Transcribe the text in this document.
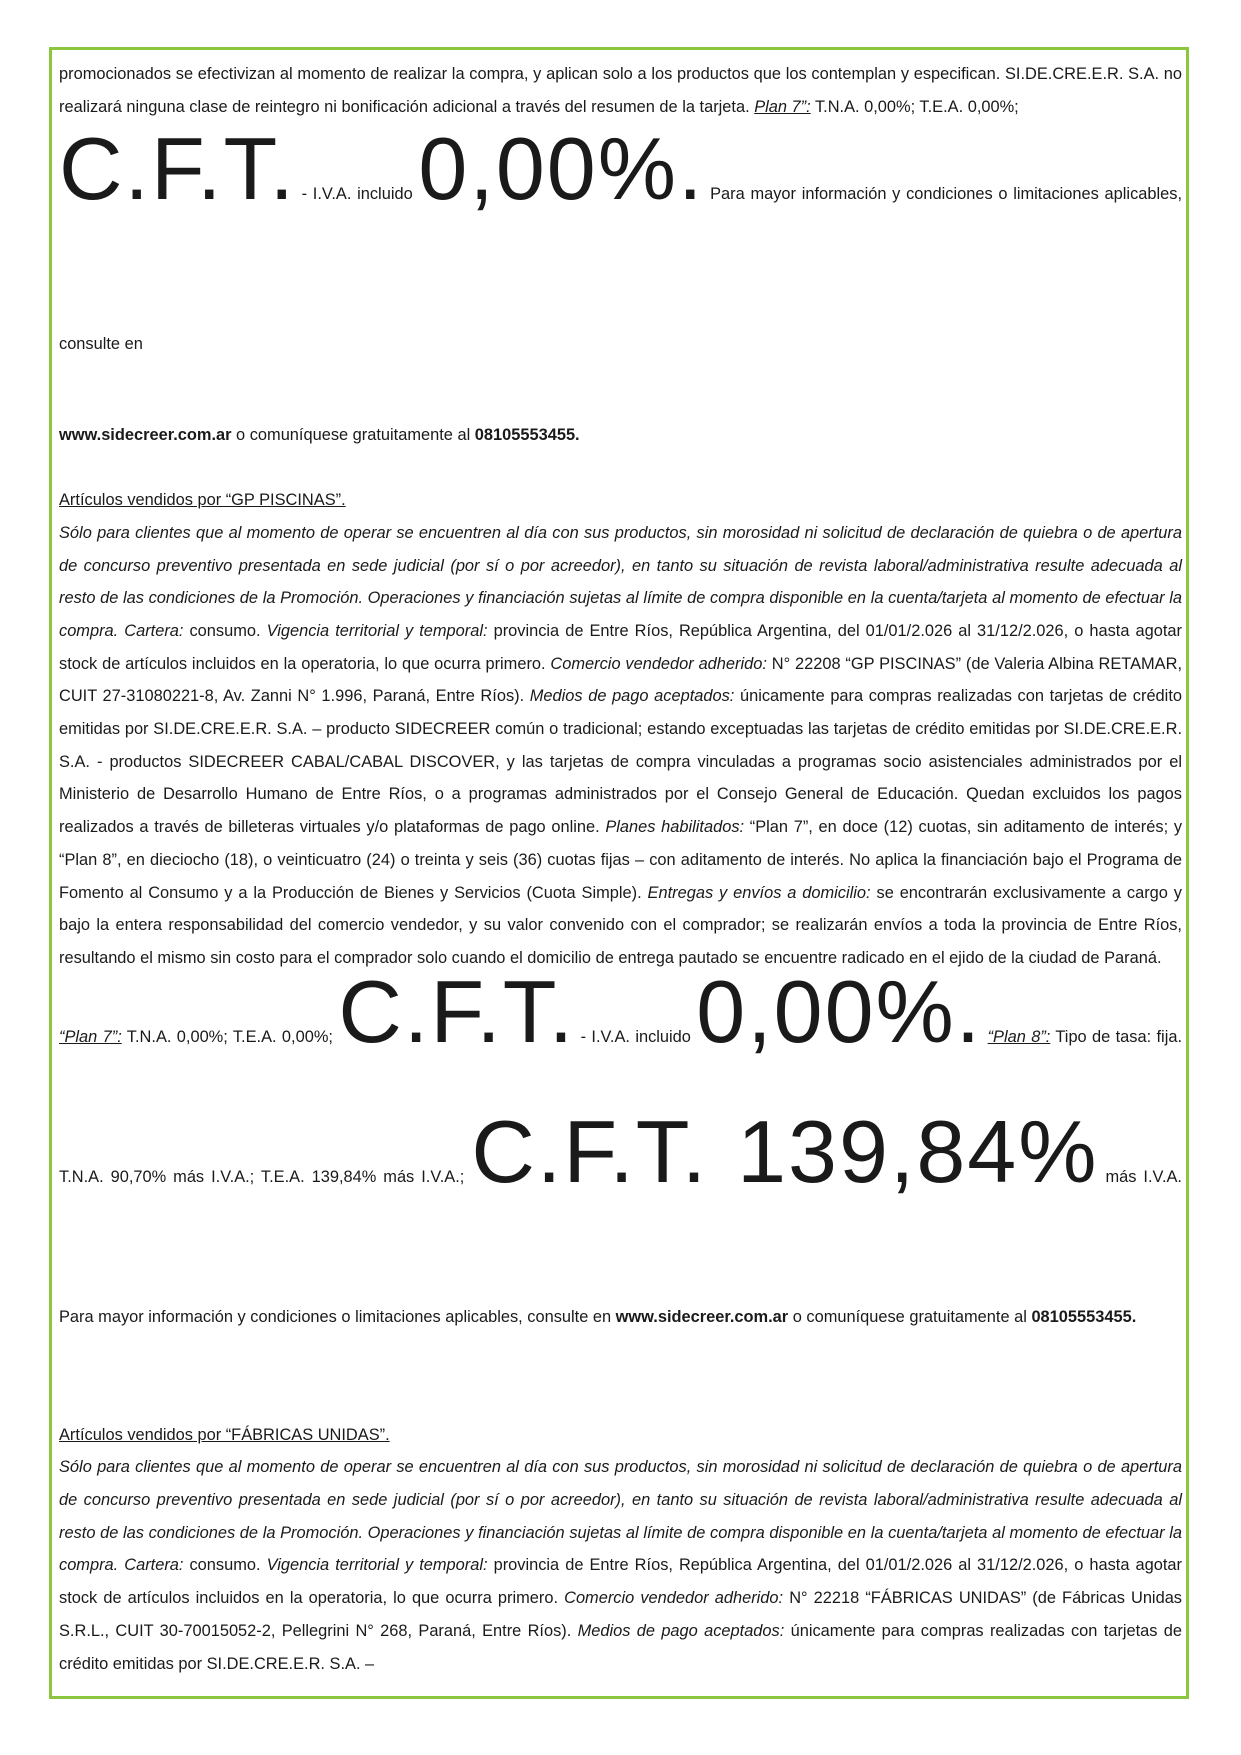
promocionados se efectivizan al momento de realizar la compra, y aplican solo a los productos que los contemplan y especifican. SI.DE.CRE.E.R. S.A. no realizará ninguna clase de reintegro ni bonificación adicional a través del resumen de la tarjeta. Plan 7”: T.N.A. 0,00%; T.E.A. 0,00%;

C.F.T. - I.V.A. incluido 0,00%. Para mayor información y condiciones o limitaciones aplicables, consulte en

www.sidecreer.com.ar o comuníquese gratuitamente al 08105553455.

Artículos vendidos por “GP PISCINAS”.
Sólo para clientes que al momento de operar se encuentren al día con sus productos, sin morosidad ni solicitud de declaración de quiebra o de apertura de concurso preventivo presentada en sede judicial (por sí o por acreedor), en tanto su situación de revista laboral/administrativa resulte adecuada al resto de las condiciones de la Promoción. Operaciones y financiación sujetas al límite de compra disponible en la cuenta/tarjeta al momento de efectuar la compra. Cartera: consumo. Vigencia territorial y temporal: provincia de Entre Ríos, República Argentina, del 01/01/2.026 al 31/12/2.026, o hasta agotar stock de artículos incluidos en la operatoria, lo que ocurra primero. Comercio vendedor adherido: N° 22208 “GP PISCINAS” (de Valeria Albina RETAMAR, CUIT 27-31080221-8, Av. Zanni N° 1.996, Paraná, Entre Ríos). Medios de pago aceptados: únicamente para compras realizadas con tarjetas de crédito emitidas por SI.DE.CRE.E.R. S.A. – producto SIDECREER común o tradicional; estando exceptuadas las tarjetas de crédito emitidas por SI.DE.CRE.E.R. S.A. - productos SIDECREER CABAL/CABAL DISCOVER, y las tarjetas de compra vinculadas a programas socio asistenciales administrados por el Ministerio de Desarrollo Humano de Entre Ríos, o a programas administrados por el Consejo General de Educación. Quedan excluidos los pagos realizados a través de billeteras virtuales y/o plataformas de pago online. Planes habilitados: “Plan 7”, en doce (12) cuotas, sin aditamento de interés; y “Plan 8”, en dieciocho (18), o veinticuatro (24) o treinta y seis (36) cuotas fijas – con aditamento de interés. No aplica la financiación bajo el Programa de Fomento al Consumo y a la Producción de Bienes y Servicios (Cuota Simple). Entregas y envíos a domicilio: se encontrarán exclusivamente a cargo y bajo la entera responsabilidad del comercio vendedor, y su valor convenido con el comprador; se realizarán envíos a toda la provincia de Entre Ríos, resultando el mismo sin costo para el comprador solo cuando el domicilio de entrega pautado se encuentre radicado en el ejido de la ciudad de Paraná.

“Plan 7”: T.N.A. 0,00%; T.E.A. 0,00%; C.F.T. - I.V.A. incluido 0,00%. “Plan 8”: Tipo de tasa: fija. T.N.A. 90,70% más I.V.A.; T.E.A. 139,84% más I.V.A.; C.F.T. 139,84% más I.V.A. Para mayor información y condiciones o limitaciones aplicables, consulte en www.sidecreer.com.ar o comuníquese gratuitamente al 08105553455.

Artículos vendidos por “FÁBRICAS UNIDAS”.
Sólo para clientes que al momento de operar se encuentren al día con sus productos, sin morosidad ni solicitud de declaración de quiebra o de apertura de concurso preventivo presentada en sede judicial (por sí o por acreedor), en tanto su situación de revista laboral/administrativa resulte adecuada al resto de las condiciones de la Promoción. Operaciones y financiación sujetas al límite de compra disponible en la cuenta/tarjeta al momento de efectuar la compra. Cartera: consumo. Vigencia territorial y temporal: provincia de Entre Ríos, República Argentina, del 01/01/2.026 al 31/12/2.026, o hasta agotar stock de artículos incluidos en la operatoria, lo que ocurra primero. Comercio vendedor adherido: N° 22218 “FÁBRICAS UNIDAS” (de Fábricas Unidas S.R.L., CUIT 30-70015052-2, Pellegrini N° 268, Paraná, Entre Ríos). Medios de pago aceptados: únicamente para compras realizadas con tarjetas de crédito emitidas por SI.DE.CRE.E.R. S.A. –
